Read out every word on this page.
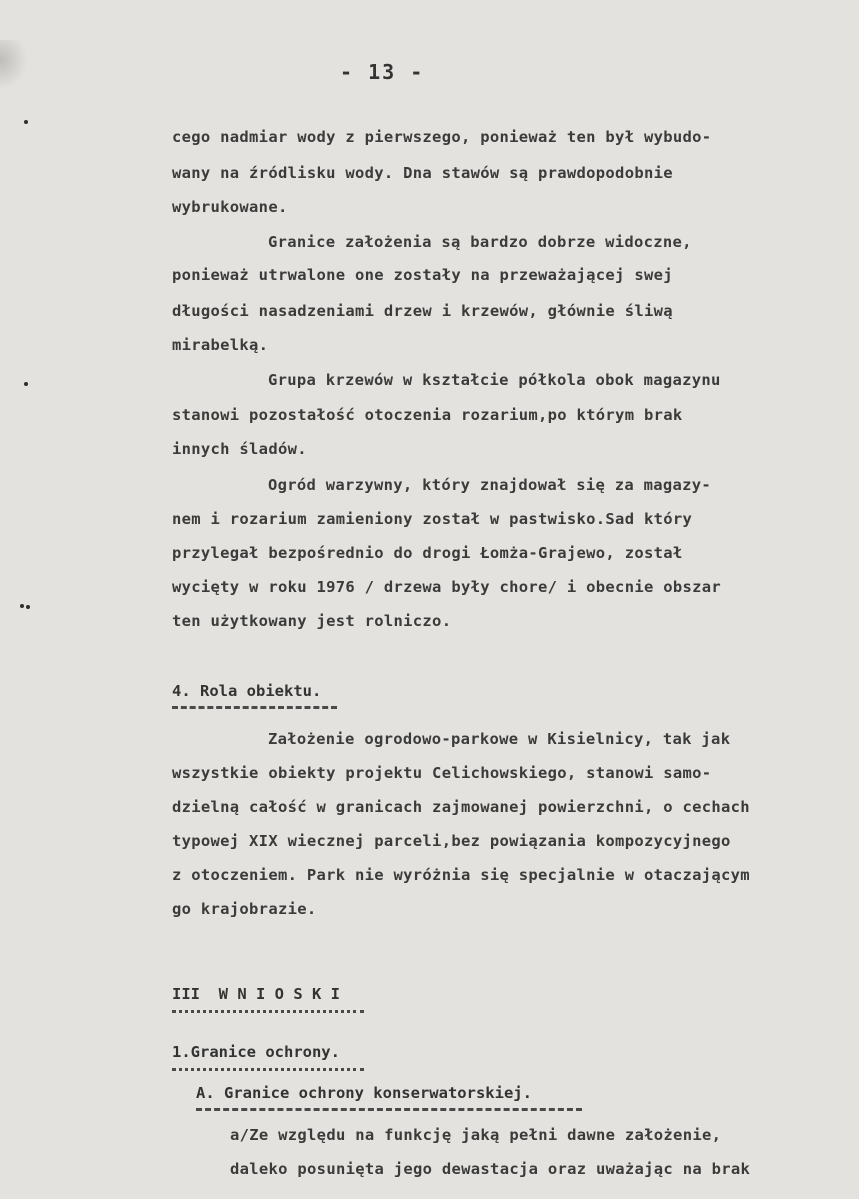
- 13 -
cego nadmiar wody z pierwszego, ponieważ ten był wybudo-
wany na źródlisku wody. Dna stawów są prawdopodobnie
wybrukowane.
Granice założenia są bardzo dobrze widoczne,
ponieważ utrwalone one zostały na przeważającej swej
długości nasadzeniami drzew i krzewów, głównie śliwą
mirabelką.
Grupa krzewów w kształcie półkola obok magazynu
stanowi pozostałość otoczenia rozarium,po którym brak
innych śladów.
Ogród warzywny, który znajdował się za magazy-
nem i rozarium zamieniony został w pastwisko.Sad który
przylegał bezpośrednio do drogi Łomża-Grajewo, został
wycięty w roku 1976 / drzewa były chore/ i obecnie obszar
ten użytkowany jest rolniczo.
4. Rola obiektu.
Założenie ogrodowo-parkowe w Kisielnicy, tak jak
wszystkie obiekty projektu Celichowskiego, stanowi samo-
dzielną całość w granicach zajmowanej powierzchni, o cechach
typowej XIX wiecznej parceli,bez powiązania kompozycyjnego
z otoczeniem. Park nie wyróżnia się specjalnie w otaczającym
go krajobrazie.
III  W N I O S K I
1.Granice ochrony.
A. Granice ochrony konserwatorskiej.
a/Ze względu na funkcję jaką pełni dawne założenie,
daleko posunięta jego dewastacja oraz uważając na brak
